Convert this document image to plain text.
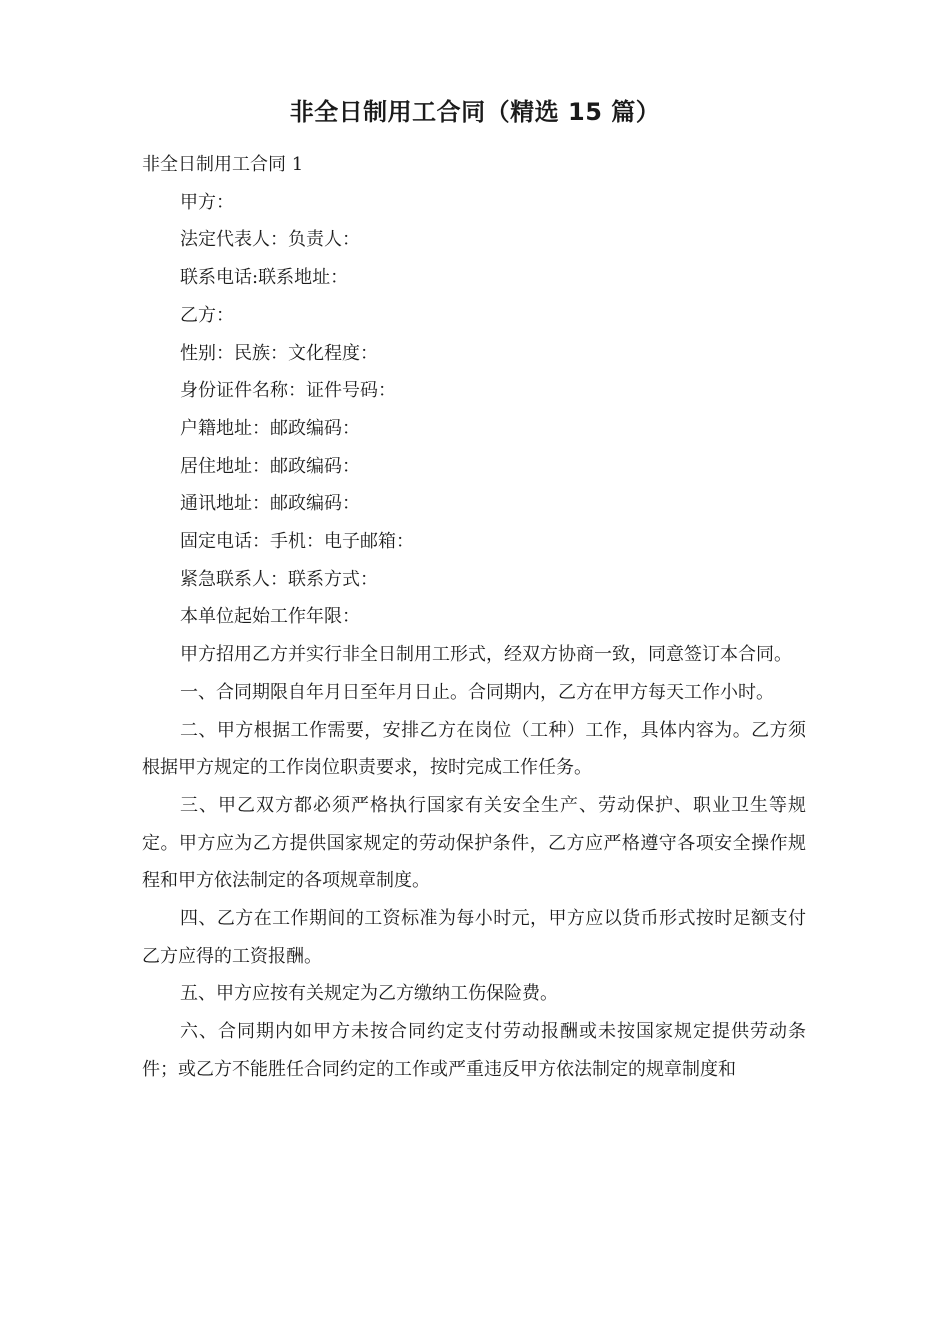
非全日制用工合同（精选 15 篇）

非全日制用工合同 1

甲方：

法定代表人：负责人：

联系电话:联系地址：

乙方：

性别：民族：文化程度：

身份证件名称：证件号码：

户籍地址：邮政编码：

居住地址：邮政编码：

通讯地址：邮政编码：

固定电话：手机：电子邮箱：

紧急联系人：联系方式：

本单位起始工作年限：

甲方招用乙方并实行非全日制用工形式，经双方协商一致，同意签订本合同。

一、合同期限自年月日至年月日止。合同期内，乙方在甲方每天工作小时。

二、甲方根据工作需要，安排乙方在岗位（工种）工作，具体内容为。乙方须根据甲方规定的工作岗位职责要求，按时完成工作任务。

三、甲乙双方都必须严格执行国家有关安全生产、劳动保护、职业卫生等规定。甲方应为乙方提供国家规定的劳动保护条件，乙方应严格遵守各项安全操作规程和甲方依法制定的各项规章制度。

四、乙方在工作期间的工资标准为每小时元，甲方应以货币形式按时足额支付乙方应得的工资报酬。

五、甲方应按有关规定为乙方缴纳工伤保险费。

六、合同期内如甲方未按合同约定支付劳动报酬或未按国家规定提供劳动条件；或乙方不能胜任合同约定的工作或严重违反甲方依法制定的规章制度和
